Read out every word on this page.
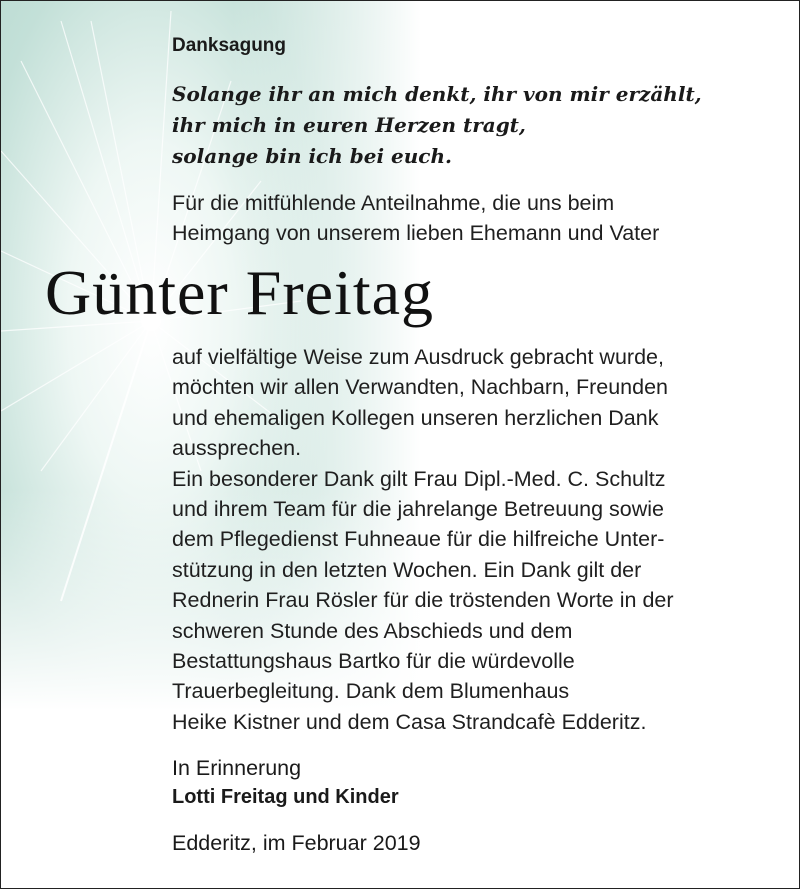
Danksagung

Solange ihr an mich denkt, ihr von mir erzählt,
ihr mich in euren Herzen tragt,
solange bin ich bei euch.

Für die mitfühlende Anteilnahme, die uns beim
Heimgang von unserem lieben Ehemann und Vater

Günter Freitag

auf vielfältige Weise zum Ausdruck gebracht wurde,
möchten wir allen Verwandten, Nachbarn, Freunden
und ehemaligen Kollegen unseren herzlichen Dank
aussprechen.
Ein besonderer Dank gilt Frau Dipl.-Med. C. Schultz
und ihrem Team für die jahrelange Betreuung sowie
dem Pflegedienst Fuhneaue für die hilfreiche Unter-
stützung in den letzten Wochen. Ein Dank gilt der
Rednerin Frau Rösler für die tröstenden Worte in der
schweren Stunde des Abschieds und dem
Bestattungshaus Bartko für die würdevolle
Trauerbegleitung. Dank dem Blumenhaus
Heike Kistner und dem Casa Strandcafè Edderitz.

In Erinnerung

Lotti Freitag und Kinder

Edderitz, im Februar 2019
